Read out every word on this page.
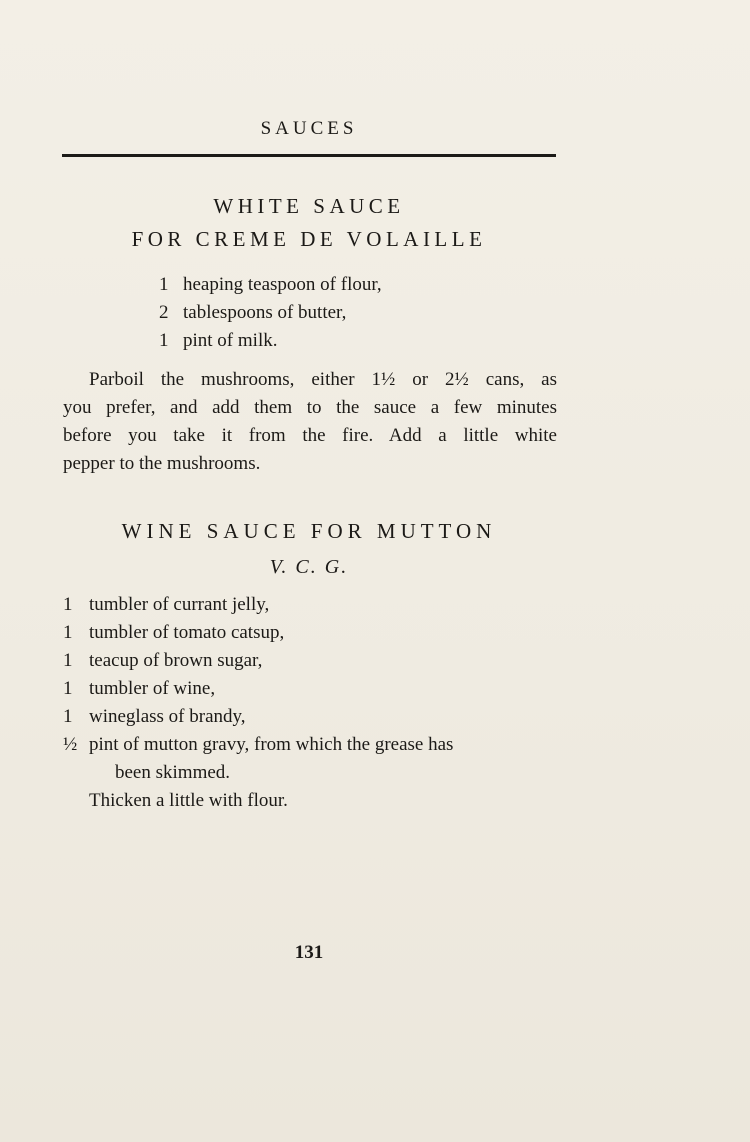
SAUCES
WHITE SAUCE
FOR CREME DE VOLAILLE
1 heaping teaspoon of flour,
2 tablespoons of butter,
1 pint of milk.
Parboil the mushrooms, either 1½ or 2½ cans, as
you prefer, and add them to the sauce a few minutes
before you take it from the fire. Add a little white
pepper to the mushrooms.
WINE SAUCE FOR MUTTON
V. C. G.
1 tumbler of currant jelly,
1 tumbler of tomato catsup,
1 teacup of brown sugar,
1 tumbler of wine,
1 wineglass of brandy,
½ pint of mutton gravy, from which the grease has
been skimmed.
Thicken a little with flour.
131
